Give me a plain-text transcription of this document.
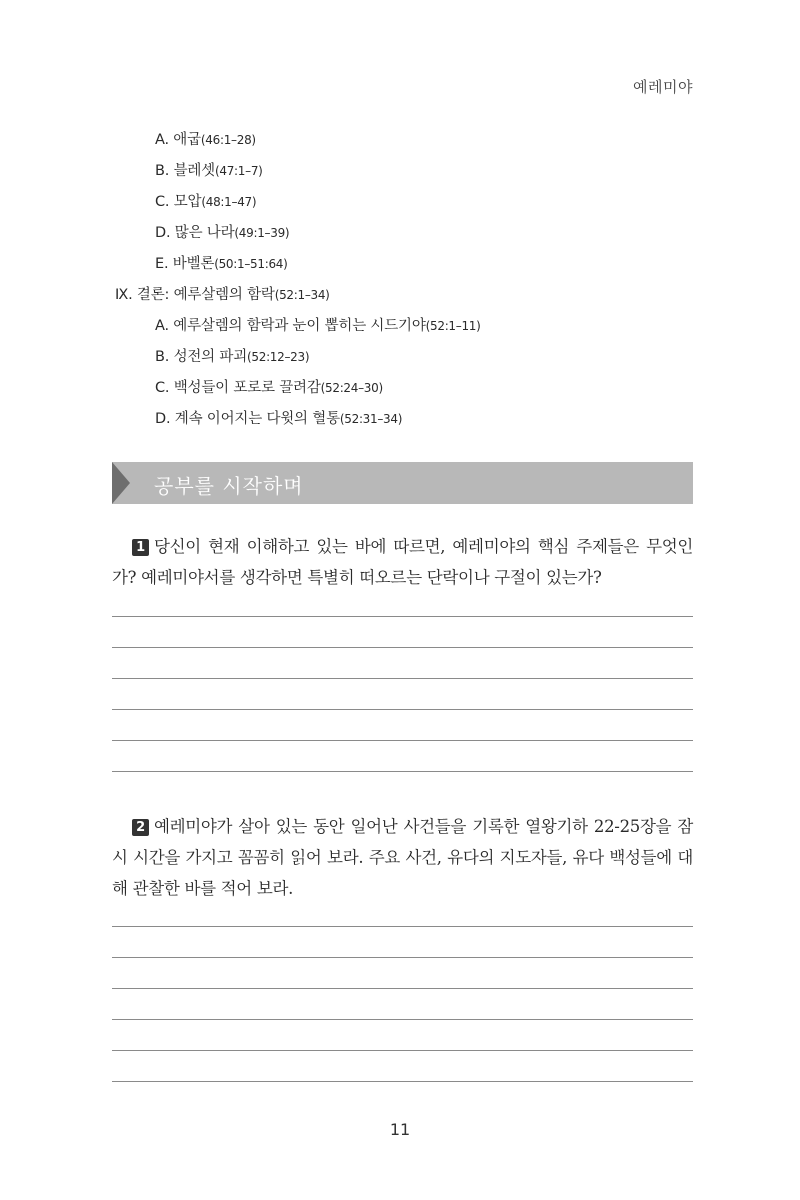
예레미야
A. 애굽(46:1–28)
B. 블레셋(47:1–7)
C. 모압(48:1–47)
D. 많은 나라(49:1–39)
E. 바벨론(50:1–51:64)
Ⅸ. 결론: 예루살렘의 함락(52:1–34)
A. 예루살렘의 함락과 눈이 뽑히는 시드기야(52:1–11)
B. 성전의 파괴(52:12–23)
C. 백성들이 포로로 끌려감(52:24–30)
D. 계속 이어지는 다윗의 혈통(52:31–34)
공부를 시작하며
1 당신이 현재 이해하고 있는 바에 따르면, 예레미야의 핵심 주제들은 무엇인가? 예레미야서를 생각하면 특별히 떠오르는 단락이나 구절이 있는가?
2 예레미야가 살아 있는 동안 일어난 사건들을 기록한 열왕기하 22-25장을 잠시 시간을 가지고 꼼꼼히 읽어 보라. 주요 사건, 유다의 지도자들, 유다 백성들에 대해 관찰한 바를 적어 보라.
11
